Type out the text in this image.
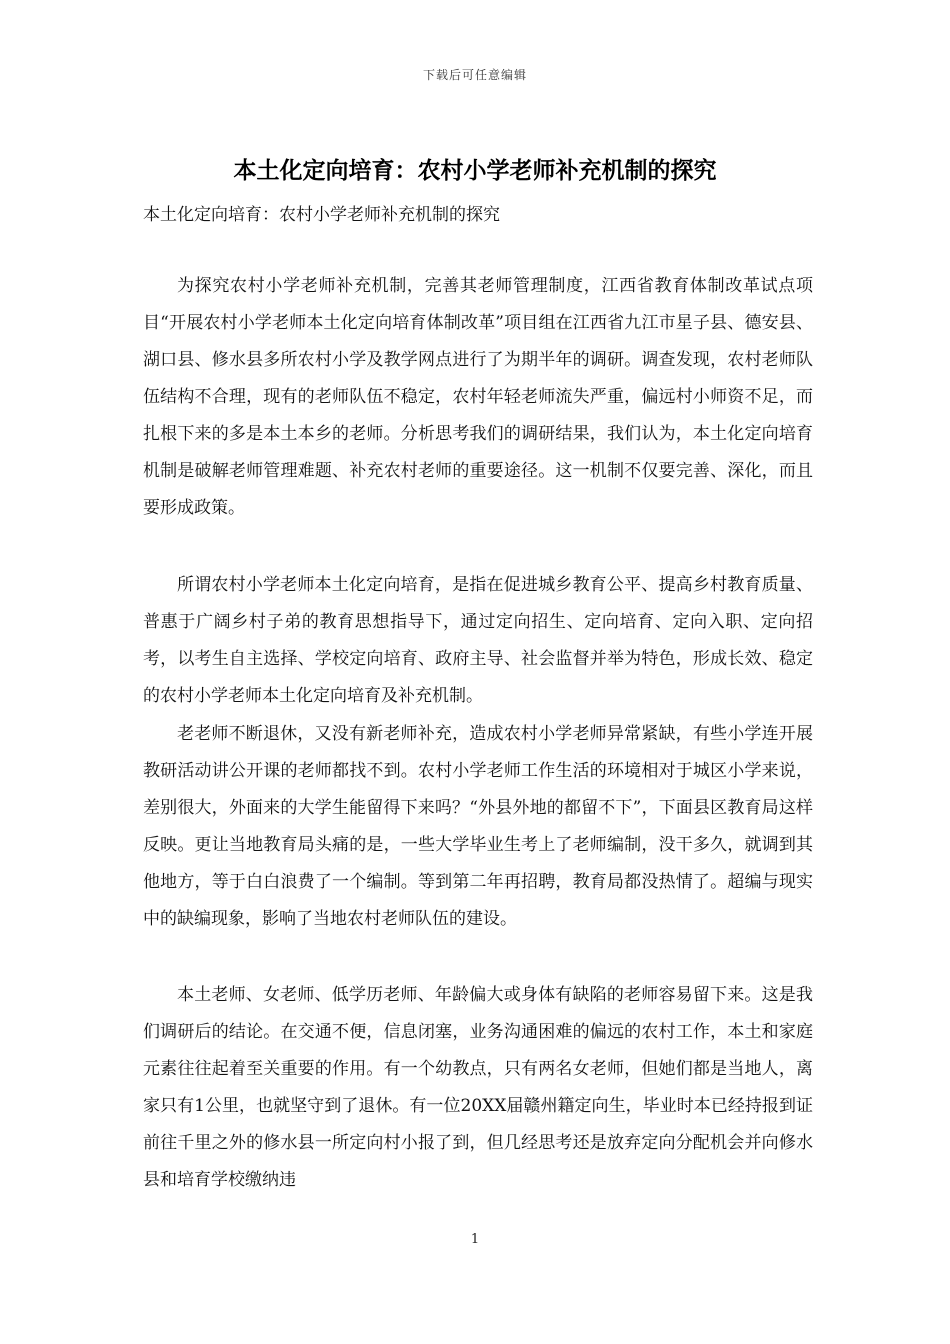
下载后可任意编辑
本土化定向培育：农村小学老师补充机制的探究
本土化定向培育：农村小学老师补充机制的探究

为探究农村小学老师补充机制，完善其老师管理制度，江西省教育体制改革试点项目“开展农村小学老师本土化定向培育体制改革”项目组在江西省九江市星子县、德安县、湖口县、修水县多所农村小学及教学网点进行了为期半年的调研。调查发现，农村老师队伍结构不合理，现有的老师队伍不稳定，农村年轻老师流失严重，偏远村小师资不足，而扎根下来的多是本土本乡的老师。分析思考我们的调研结果，我们认为，本土化定向培育机制是破解老师管理难题、补充农村老师的重要途径。这一机制不仅要完善、深化，而且要形成政策。

所谓农村小学老师本土化定向培育，是指在促进城乡教育公平、提高乡村教育质量、普惠于广阔乡村子弟的教育思想指导下，通过定向招生、定向培育、定向入职、定向招考，以考生自主选择、学校定向培育、政府主导、社会监督并举为特色，形成长效、稳定的农村小学老师本土化定向培育及补充机制。

老老师不断退休，又没有新老师补充，造成农村小学老师异常紧缺，有些小学连开展教研活动讲公开课的老师都找不到。农村小学老师工作生活的环境相对于城区小学来说，差别很大，外面来的大学生能留得下来吗？“外县外地的都留不下”，下面县区教育局这样反映。更让当地教育局头痛的是，一些大学毕业生考上了老师编制，没干多久，就调到其他地方，等于白白浪费了一个编制。等到第二年再招聘，教育局都没热情了。超编与现实中的缺编现象，影响了当地农村老师队伍的建设。

本土老师、女老师、低学历老师、年龄偏大或身体有缺陷的老师容易留下来。这是我们调研后的结论。在交通不便，信息闭塞，业务沟通困难的偏远的农村工作，本土和家庭元素往往起着至关重要的作用。有一个幼教点，只有两名女老师，但她们都是当地人，离家只有1公里，也就坚守到了退休。有一位20XX届赣州籍定向生，毕业时本已经持报到证前往千里之外的修水县一所定向村小报了到，但几经思考还是放弃定向分配机会并向修水县和培育学校缴纳违

1
